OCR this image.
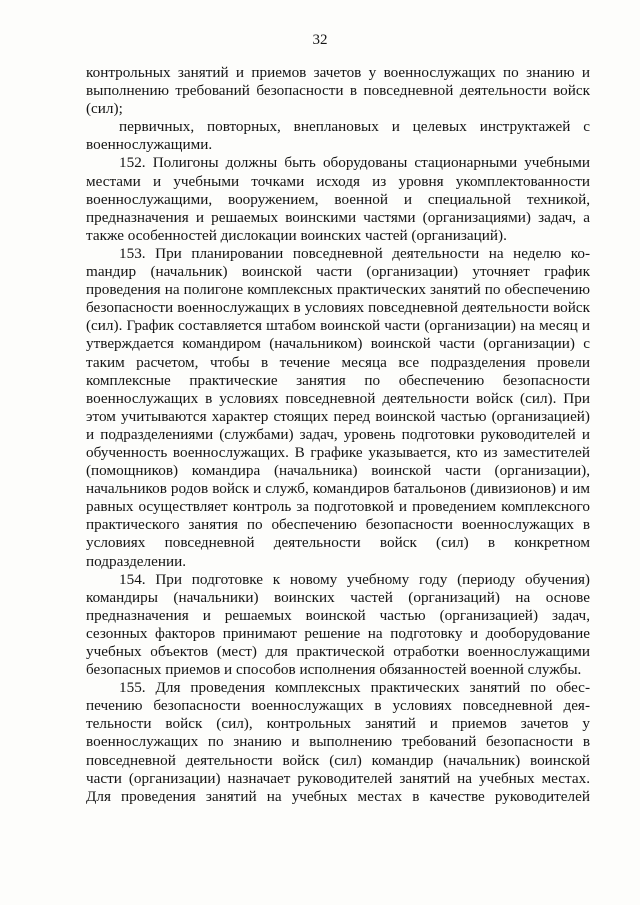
32

контрольных занятий и приемов зачетов у военнослужащих по знанию и выполнению требований безопасности в повседневной деятельности войск (сил);

первичных, повторных, внеплановых и целевых инструктажей с военнослужащими.

152. Полигоны должны быть оборудованы стационарными учебными местами и учебными точками исходя из уровня укомплектованности военнослужащими, вооружением, военной и специальной техникой, предназначения и решаемых воинскими частями (организациями) задач, а также особенностей дислокации воинских частей (организаций).

153. При планировании повседневной деятельности на неделю коmандир (начальник) воинской части (организации) уточняет график проведения на полигоне комплексных практических занятий по обеспечению безопасности военнослужащих в условиях повседневной деятельности войск (сил). График составляется штабом воинской части (организации) на месяц и утверждается командиром (начальником) воинской части (организации) с таким расчетом, чтобы в течение месяца все подразделения провели комплексные практические занятия по обеспечению безопасности военнослужащих в условиях повседневной деятельности войск (сил). При этом учитываются характер стоящих перед воинской частью (организацией) и подразделениями (службами) задач, уровень подготовки руководителей и обученность военнослужащих. В графике указывается, кто из заместителей (помощников) командира (начальника) воинской части (организации), начальников родов войск и служб, командиров батальонов (дивизионов) и им равных осуществляет контроль за подготовкой и проведением комплексного практического занятия по обеспечению безопасности военнослужащих в условиях повседневной деятельности войск (сил) в конкретном подразделении.

154. При подготовке к новому учебному году (периоду обучения) командиры (начальники) воинских частей (организаций) на основе предназначения и решаемых воинской частью (организацией) задач, сезонных факторов принимают решение на подготовку и дооборудование учебных объектов (мест) для практической отработки военнослужащими безопасных приемов и способов исполнения обязанностей военной службы.

155. Для проведения комплексных практических занятий по обеспечению безопасности военнослужащих в условиях повседневной деятельности войск (сил), контрольных занятий и приемов зачетов у военнослужащих по знанию и выполнению требований безопасности в повседневной деятельности войск (сил) командир (начальник) воинской части (организации) назначает руководителей занятий на учебных местах. Для проведения занятий на учебных местах в качестве руководителей
